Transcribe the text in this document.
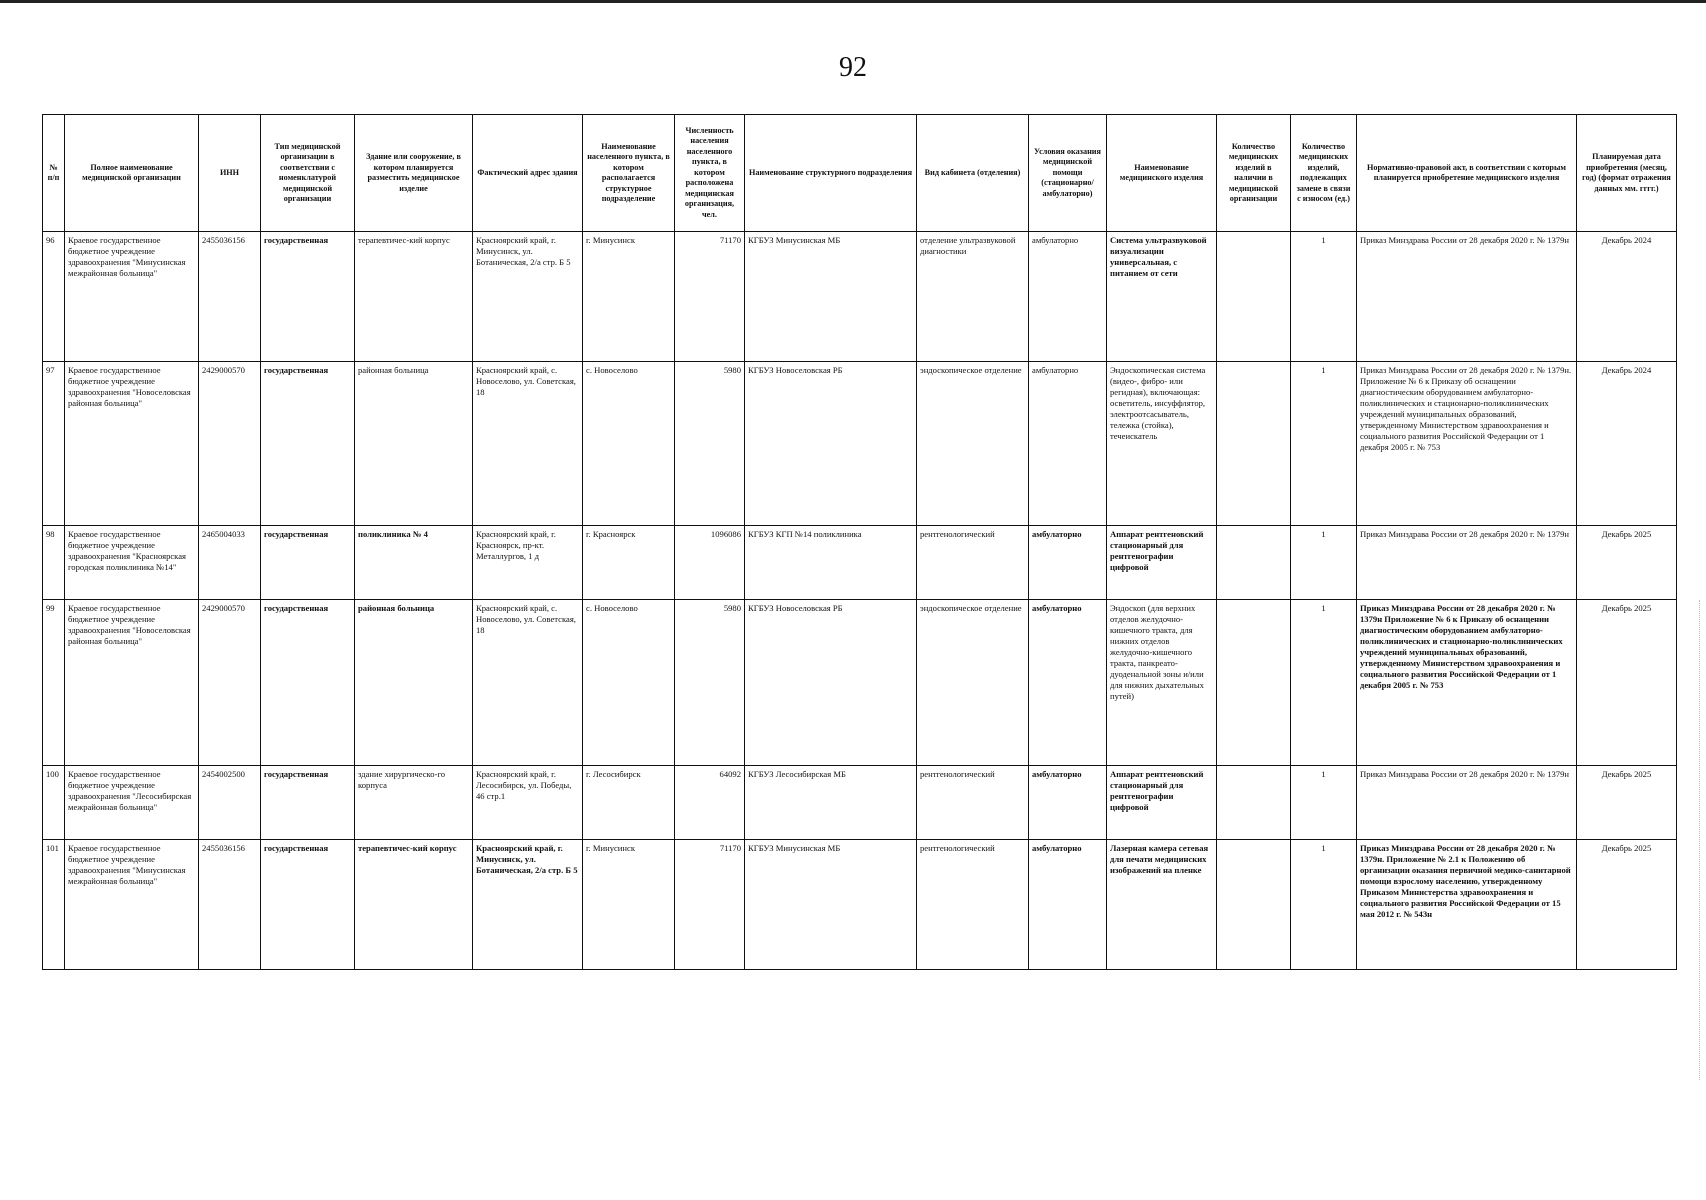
92
№ п/п	Полное наименование медицинской организации	ИНН	Тип медицинской организации в соответствии с номенклатурой медицинской организации	Здание или сооружение, в котором планируется разместить медицинское изделие	Фактический адрес здания	Наименование населенного пункта, в котором располагается структурное подразделение	Численность населения населенного пункта, в котором расположена медицинская организация, чел.	Наименование структурного подразделения	Вид кабинета (отделения)	Условия оказания медицинской помощи (стационарно/ амбулаторно)	Наименование медицинского изделия	Количество медицинских изделий в наличии в медицинской организации	Количество медицинских изделий, подлежащих замене в связи с износом (ед.)	Нормативно-правовой акт, в соответствии с которым планируется приобретение медицинского изделия	Планируемая дата приобретения (месяц, год) (формат отражения данных мм. гггг.)
96	Краевое государственное бюджетное учреждение здравоохранения "Минусинская межрайонная больница"	2455036156	государственная	терапевтичес-кий корпус	Красноярский край, г. Минусинск, ул. Ботаническая, 2/а стр. Б 5	г. Минусинск	71170	КГБУЗ Минусинская МБ	отделение ультразвуковой диагностики	амбулаторно	Система ультразвуковой визуализации универсальная, с питанием от сети		1	Приказ Минздрава России от 28 декабря 2020 г. № 1379н	Декабрь 2024
97	Краевое государственное бюджетное учреждение здравоохранения "Новоселовская районная больница"	2429000570	государственная	районная больница	Красноярский край, с. Новоселово, ул. Советская, 18	с. Новоселово	5980	КГБУЗ Новоселовская РБ	эндоскопическое отделение	амбулаторно	Эндоскопическая система (видео-, фибро- или регидная), включающая: осветитель, инсуффлятор, электроотсасыватель, тележка (стойка), течеискатель		1	Приказ Минздрава России от 28 декабря 2020 г. № 1379н. Приложение № 6 к Приказу об оснащении диагностическим оборудованием амбулаторно-поликлинических и стационарно-поликлинических учреждений муниципальных образований, утвержденному Министерством здравоохранения и социального развития Российской Федерации от 1 декабря 2005 г. № 753	Декабрь 2024
98	Краевое государственное бюджетное учреждение здравоохранения "Красноярская городская поликлиника №14"	2465004033	государственная	поликлиника № 4	Красноярский край, г. Красноярск, пр-кт. Металлургов, 1 д	г. Красноярск	1096086	КГБУЗ КГП №14 поликлиника	рентгенологический	амбулаторно	Аппарат рентгеновский стационарный для рентгенографии цифровой		1	Приказ Минздрава России от 28 декабря 2020 г. № 1379н	Декабрь 2025
99	Краевое государственное бюджетное учреждение здравоохранения "Новоселовская районная больница"	2429000570	государственная	районная больница	Красноярский край, с. Новоселово, ул. Советская, 18	с. Новоселово	5980	КГБУЗ Новоселовская РБ	эндоскопическое отделение	амбулаторно	Эндоскоп (для верхних отделов желудочно-кишечного тракта, для нижних отделов желудочно-кишечного тракта, панкреато-дуоденальной зоны и/или для нижних дыхательных путей)		1	Приказ Минздрава России от 28 декабря 2020 г. № 1379н Приложение № 6 к Приказу об оснащении диагностическим оборудованием амбулаторно-поликлинических и стационарно-поликлинических учреждений муниципальных образований, утвержденному Министерством здравоохранения и социального развития Российской Федерации от 1 декабря 2005 г. № 753	Декабрь 2025
100	Краевое государственное бюджетное учреждение здравоохранения "Лесосибирская межрайонная больница"	2454002500	государственная	здание хирургическо-го корпуса	Красноярский край, г. Лесосибирск, ул. Победы, 46 стр.1	г. Лесосибирск	64092	КГБУЗ Лесосибирская МБ	рентгенологический	амбулаторно	Аппарат рентгеновский стационарный для рентгенографии цифровой		1	Приказ Минздрава России от 28 декабря 2020 г. № 1379н	Декабрь 2025
101	Краевое государственное бюджетное учреждение здравоохранения "Минусинская межрайонная больница"	2455036156	государственная	терапевтичес-кий корпус	Красноярский край, г. Минусинск, ул. Ботаническая, 2/а стр. Б 5	г. Минусинск	71170	КГБУЗ Минусинская МБ	рентгенологический	амбулаторно	Лазерная камера сетевая для печати медицинских изображений на пленке		1	Приказ Минздрава России от 28 декабря 2020 г. № 1379н. Приложение № 2.1 к Положению об организации оказания первичной медико-санитарной помощи взрослому населению, утвержденному Приказом Министерства здравоохранения и социального развития Российской Федерации от 15 мая 2012 г. № 543н	Декабрь 2025
